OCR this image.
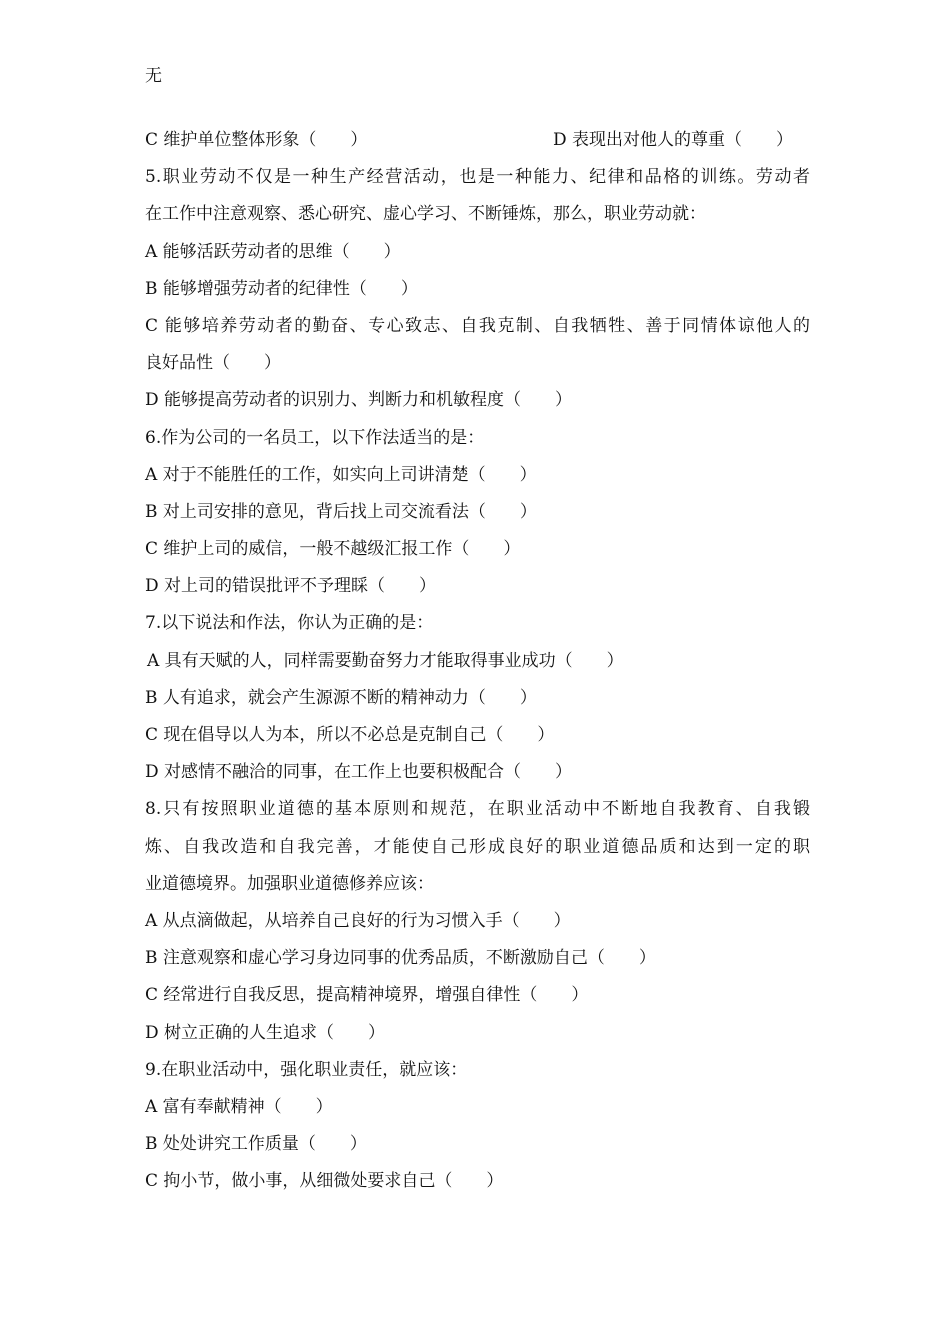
无
C 维护单位整体形象（　　）	D 表现出对他人的尊重（　　）
5.职业劳动不仅是一种生产经营活动，也是一种能力、纪律和品格的训练。劳动者
在工作中注意观察、悉心研究、虚心学习、不断锤炼，那么，职业劳动就：
A 能够活跃劳动者的思维（　　）
B 能够增强劳动者的纪律性（　　）
C 能够培养劳动者的勤奋、专心致志、自我克制、自我牺牲、善于同情体谅他人的
良好品性（　　）
D 能够提高劳动者的识别力、判断力和机敏程度（　　）
6.作为公司的一名员工，以下作法适当的是：
A 对于不能胜任的工作，如实向上司讲清楚（　　）
B 对上司安排的意见，背后找上司交流看法（　　）
C 维护上司的威信，一般不越级汇报工作（　　）
D 对上司的错误批评不予理睬（　　）
7.以下说法和作法，你认为正确的是：
A 具有天赋的人，同样需要勤奋努力才能取得事业成功（　　）
B 人有追求，就会产生源源不断的精神动力（　　）
C 现在倡导以人为本，所以不必总是克制自己（　　）
D 对感情不融洽的同事，在工作上也要积极配合（　　）
8.只有按照职业道德的基本原则和规范，在职业活动中不断地自我教育、自我锻
炼、自我改造和自我完善，才能使自己形成良好的职业道德品质和达到一定的职
业道德境界。加强职业道德修养应该：
A 从点滴做起，从培养自己良好的行为习惯入手（　　）
B 注意观察和虚心学习身边同事的优秀品质，不断激励自己（　　）
C 经常进行自我反思，提高精神境界，增强自律性（　　）
D 树立正确的人生追求（　　）
9.在职业活动中，强化职业责任，就应该：
A 富有奉献精神（　　）
B 处处讲究工作质量（　　）
C 拘小节，做小事，从细微处要求自己（　　）
